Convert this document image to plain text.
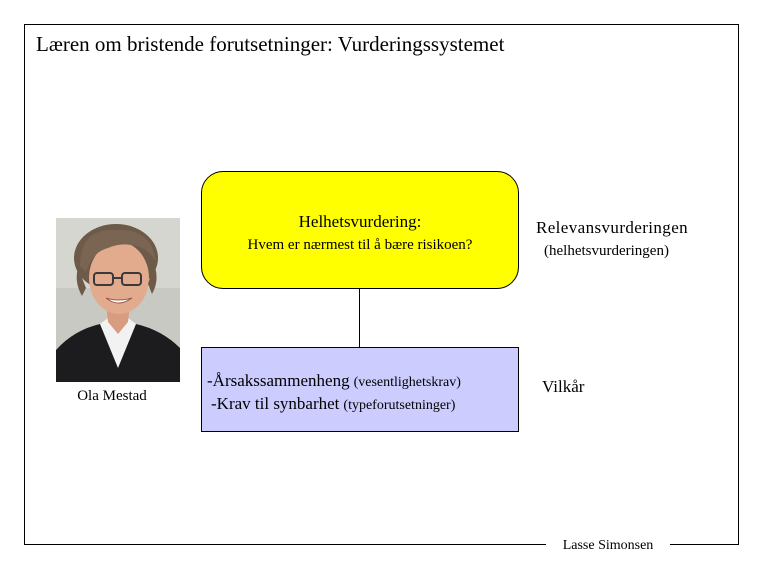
Læren om bristende forutsetninger: Vurderingssystemet
Ola Mestad
Helhetsvurdering:
Hvem er nærmest til å bære risikoen?
-Årsakssammenheng (vesentlighetskrav)
-Krav til synbarhet (typeforutsetninger)
Relevansvurderingen
(helhetsvurderingen)
Vilkår
Lasse Simonsen
